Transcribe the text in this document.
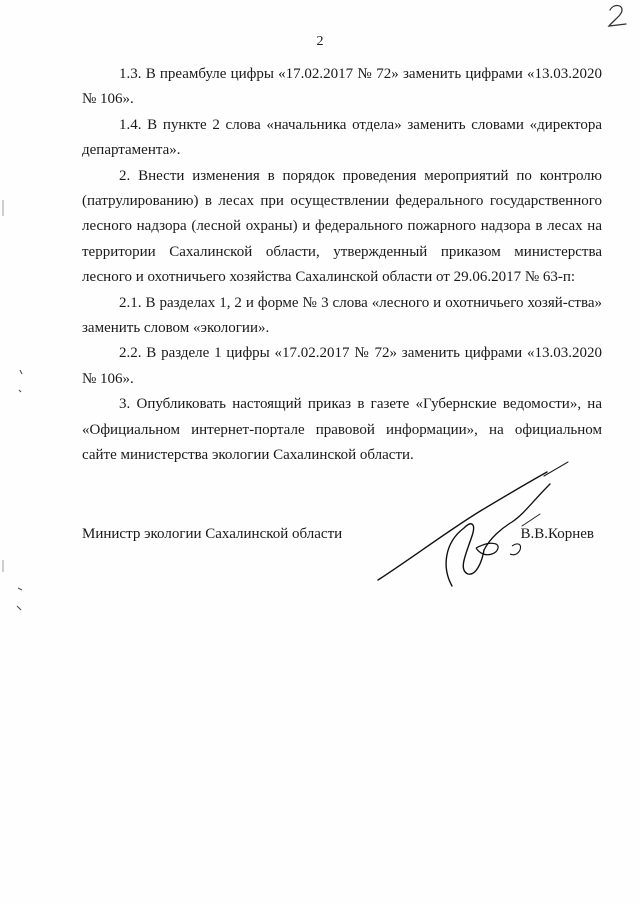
2

1.3. В преамбуле цифры «17.02.2017 № 72» заменить цифрами «13.03.2020 № 106».

1.4. В пункте 2 слова «начальника отдела» заменить словами «директора департамента».

2. Внести изменения в порядок проведения мероприятий по контролю (патрулированию) в лесах при осуществлении федерального государственного лесного надзора (лесной охраны) и федерального пожарного надзора в лесах на территории Сахалинской области, утвержденный приказом министерства лесного и охотничьего хозяйства Сахалинской области от 29.06.2017 № 63-п:

2.1. В разделах 1, 2 и форме № 3 слова «лесного и охотничьего хозяй-ства» заменить словом «экологии».

2.2. В разделе 1 цифры «17.02.2017 № 72» заменить цифрами «13.03.2020 № 106».

3. Опубликовать настоящий приказ в газете «Губернские ведомости», на «Официальном интернет-портале правовой информации», на официальном сайте министерства экологии Сахалинской области.

Министр экологии Сахалинской области	В.В.Корнев
